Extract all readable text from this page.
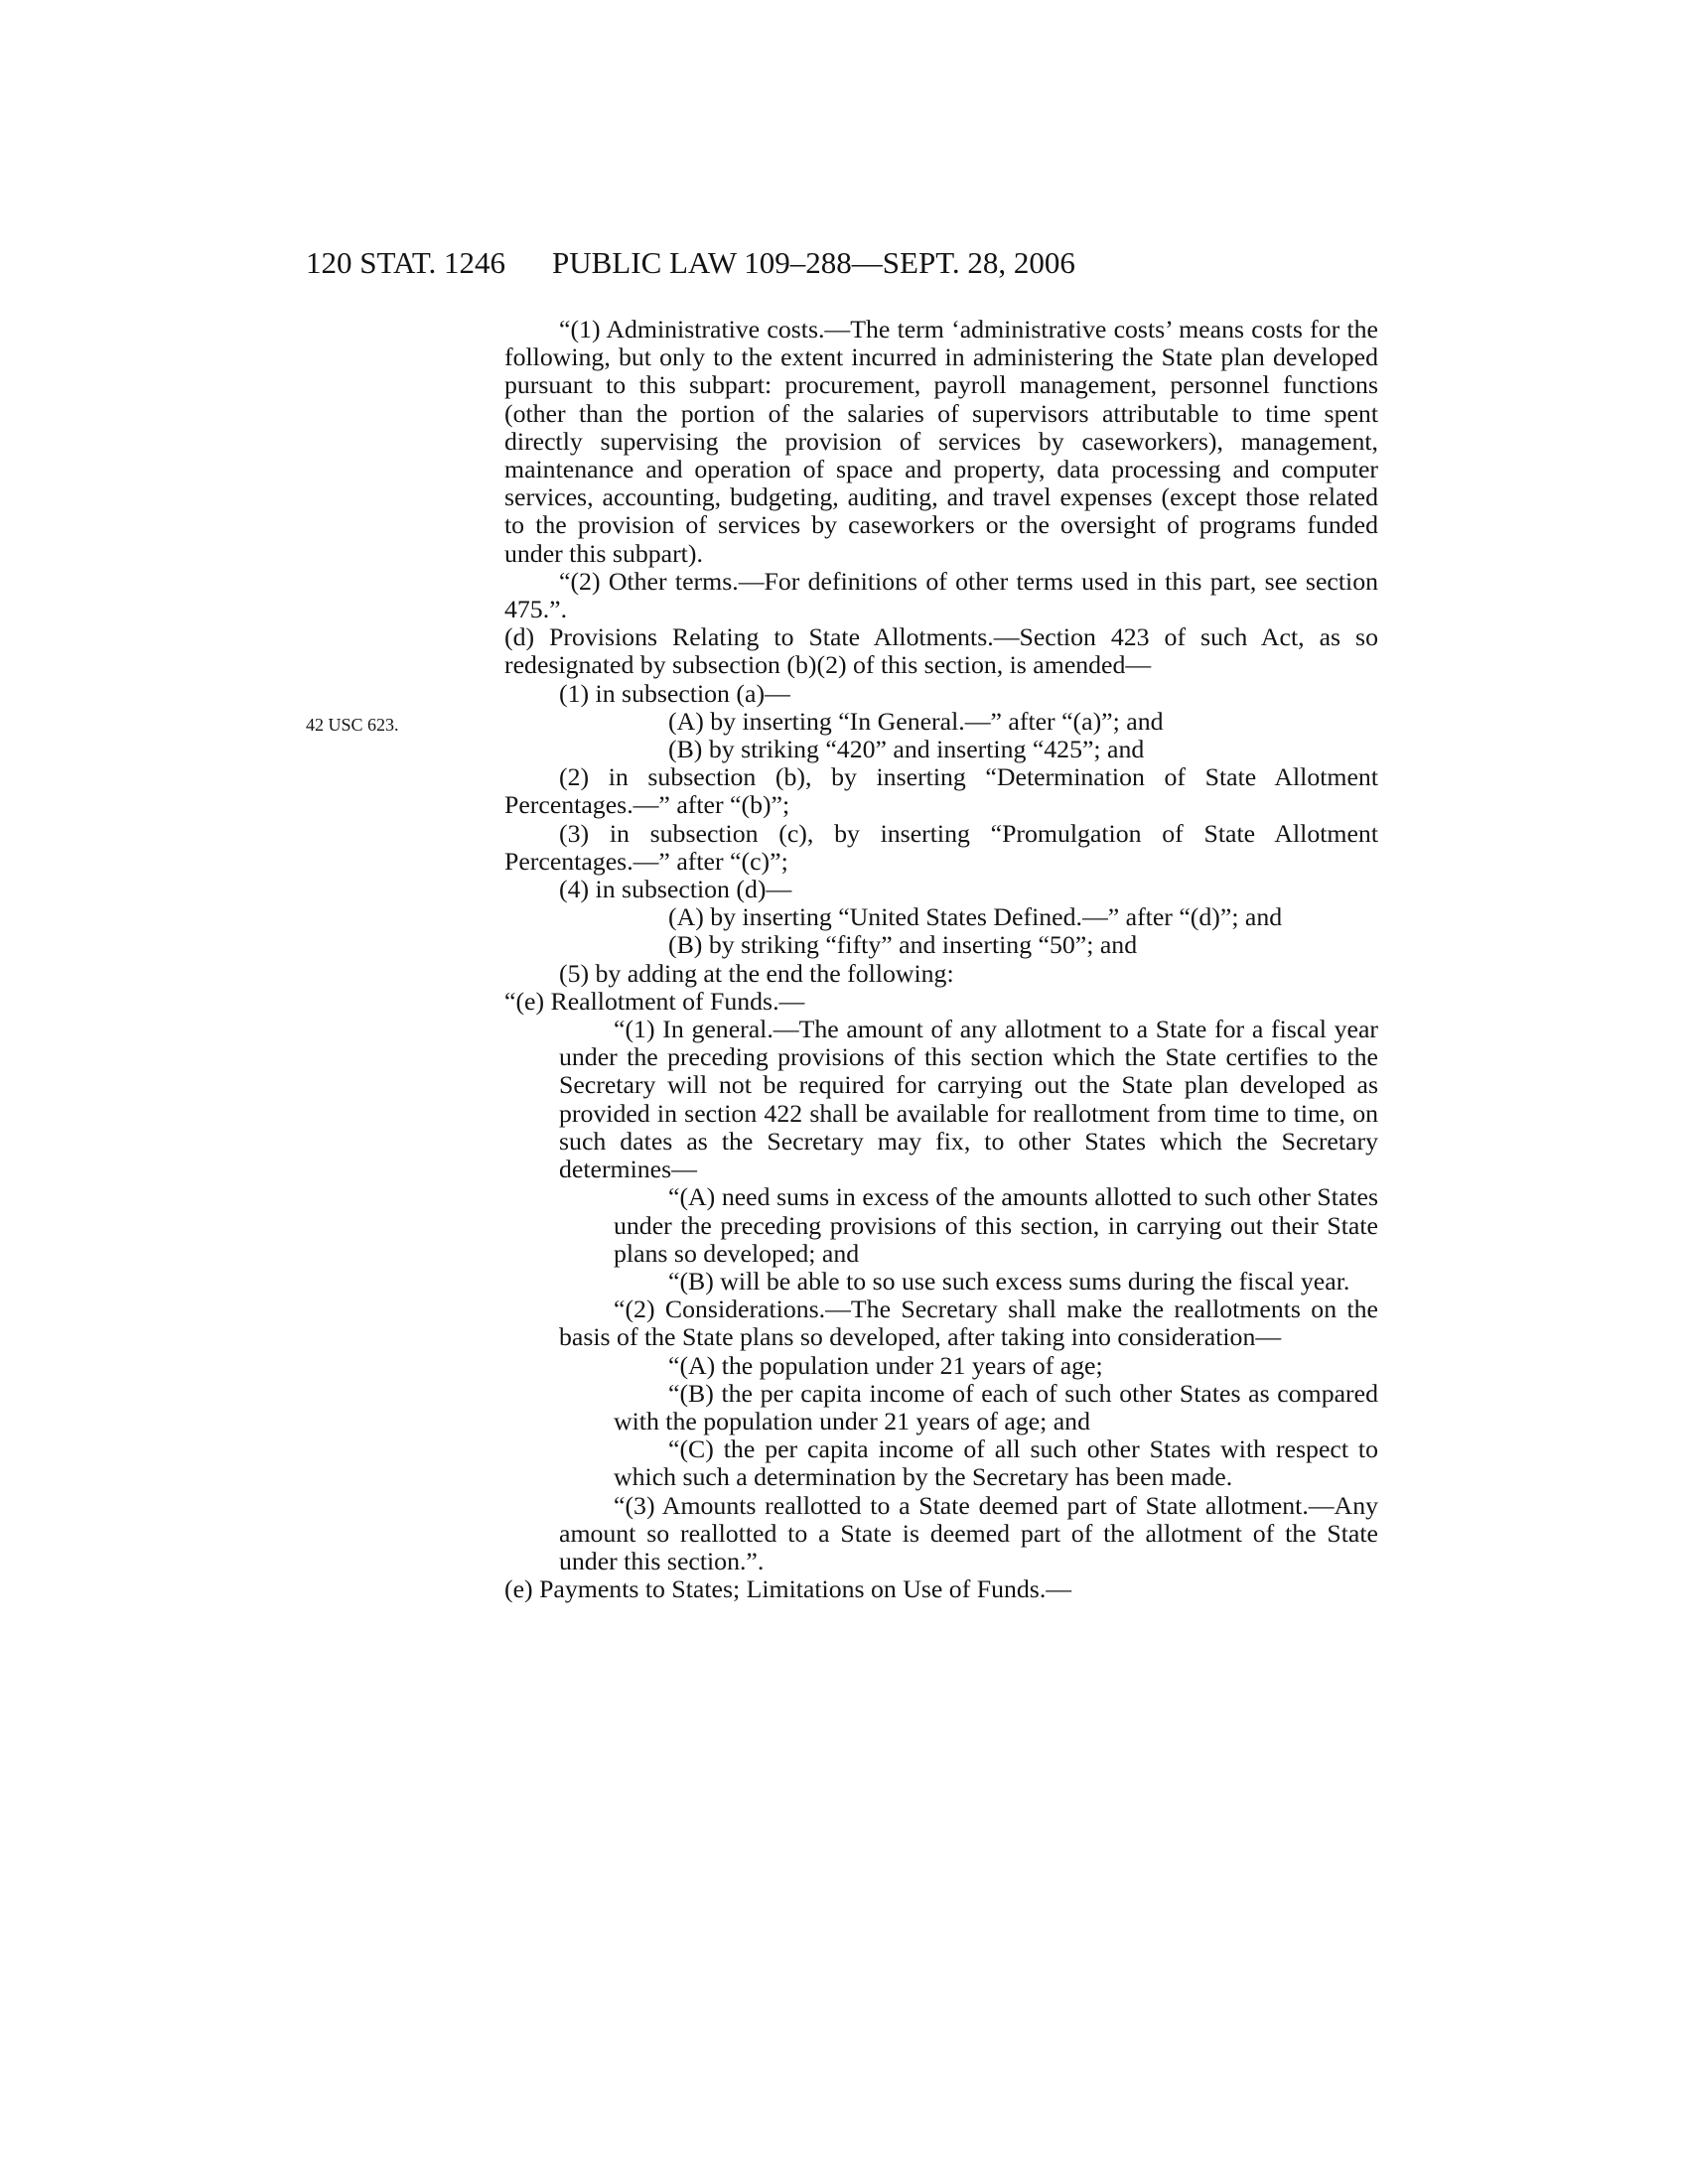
120 STAT. 1246 PUBLIC LAW 109–288—SEPT. 28, 2006
42 USC 623.

“(1) Administrative costs.—The term ‘administrative costs’ means costs for the following, but only to the extent incurred in administering the State plan developed pursuant to this subpart: procurement, payroll management, personnel functions (other than the portion of the salaries of supervisors attributable to time spent directly supervising the provision of services by caseworkers), management, maintenance and operation of space and property, data processing and computer services, accounting, budgeting, auditing, and travel expenses (except those related to the provision of services by caseworkers or the oversight of programs funded under this subpart).

“(2) Other terms.—For definitions of other terms used in this part, see section 475.”.

(d) Provisions Relating to State Allotments.—Section 423 of such Act, as so redesignated by subsection (b)(2) of this section, is amended—

(1) in subsection (a)—

(A) by inserting “In General.—” after “(a)”; and

(B) by striking “420” and inserting “425”; and

(2) in subsection (b), by inserting “Determination of State Allotment Percentages.—” after “(b)”;

(3) in subsection (c), by inserting “Promulgation of State Allotment Percentages.—” after “(c)”;

(4) in subsection (d)—

(A) by inserting “United States Defined.—” after “(d)”; and

(B) by striking “fifty” and inserting “50”; and

(5) by adding at the end the following:

“(e) Reallotment of Funds.—

“(1) In general.—The amount of any allotment to a State for a fiscal year under the preceding provisions of this section which the State certifies to the Secretary will not be required for carrying out the State plan developed as provided in section 422 shall be available for reallotment from time to time, on such dates as the Secretary may fix, to other States which the Secretary determines—

“(A) need sums in excess of the amounts allotted to such other States under the preceding provisions of this section, in carrying out their State plans so developed; and

“(B) will be able to so use such excess sums during the fiscal year.

“(2) Considerations.—The Secretary shall make the reallotments on the basis of the State plans so developed, after taking into consideration—

“(A) the population under 21 years of age;

“(B) the per capita income of each of such other States as compared with the population under 21 years of age; and

“(C) the per capita income of all such other States with respect to which such a determination by the Secretary has been made.

“(3) Amounts reallotted to a State deemed part of State allotment.—Any amount so reallotted to a State is deemed part of the allotment of the State under this section.”.

(e) Payments to States; Limitations on Use of Funds.—
